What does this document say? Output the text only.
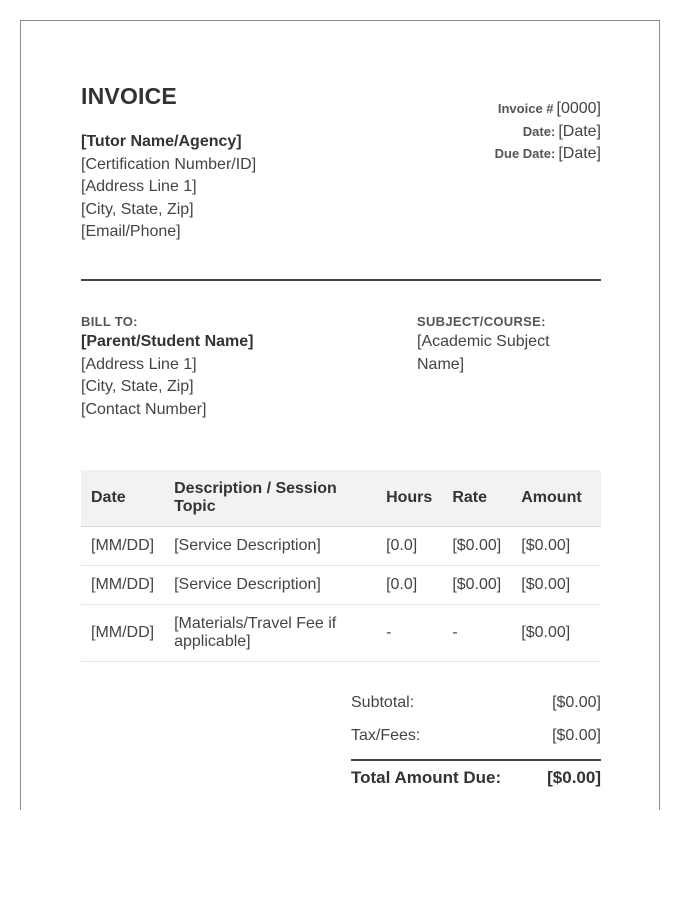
INVOICE
[Tutor Name/Agency]
[Certification Number/ID]
[Address Line 1]
[City, State, Zip]
[Email/Phone]
Invoice # [0000]
Date: [Date]
Due Date: [Date]
BILL TO:
[Parent/Student Name]
[Address Line 1]
[City, State, Zip]
[Contact Number]
SUBJECT/COURSE:
[Academic Subject Name]
Date	Description / Session Topic	Hours	Rate	Amount
[MM/DD]	[Service Description]	[0.0]	[$0.00]	[$0.00]
[MM/DD]	[Service Description]	[0.0]	[$0.00]	[$0.00]
[MM/DD]	[Materials/Travel Fee if applicable]	-	-	[$0.00]
Subtotal:	[$0.00]
Tax/Fees:	[$0.00]
Total Amount Due:	[$0.00]
